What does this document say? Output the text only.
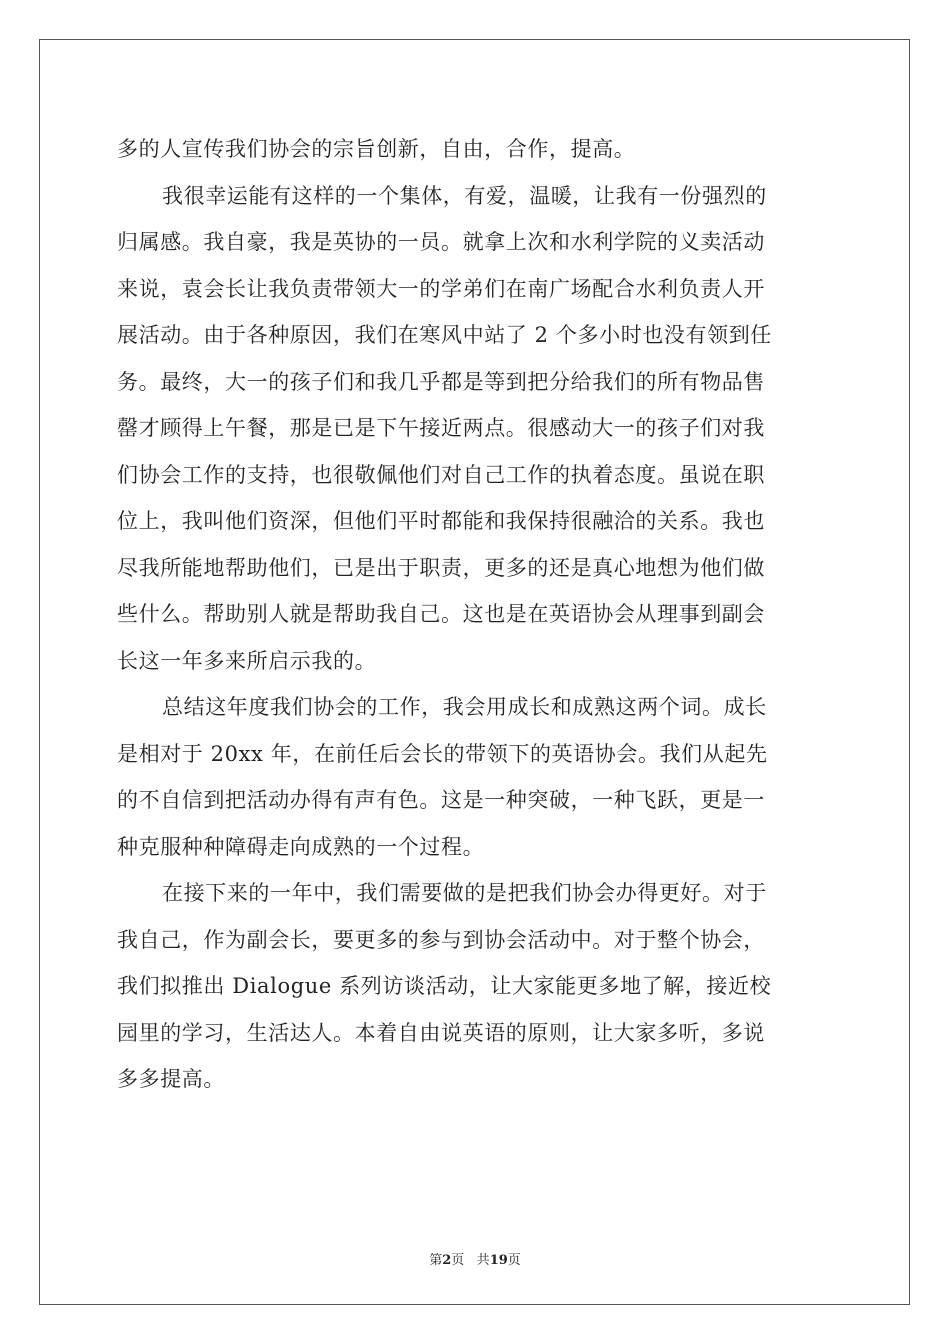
多的人宣传我们协会的宗旨创新，自由，合作，提高。
我很幸运能有这样的一个集体，有爱，温暖，让我有一份强烈的
归属感。我自豪，我是英协的一员。就拿上次和水利学院的义卖活动
来说，袁会长让我负责带领大一的学弟们在南广场配合水利负责人开
展活动。由于各种原因，我们在寒风中站了 2 个多小时也没有领到任
务。最终，大一的孩子们和我几乎都是等到把分给我们的所有物品售
罄才顾得上午餐，那是已是下午接近两点。很感动大一的孩子们对我
们协会工作的支持，也很敬佩他们对自己工作的执着态度。虽说在职
位上，我叫他们资深，但他们平时都能和我保持很融洽的关系。我也
尽我所能地帮助他们，已是出于职责，更多的还是真心地想为他们做
些什么。帮助别人就是帮助我自己。这也是在英语协会从理事到副会
长这一年多来所启示我的。
总结这年度我们协会的工作，我会用成长和成熟这两个词。成长
是相对于 20xx 年，在前任后会长的带领下的英语协会。我们从起先
的不自信到把活动办得有声有色。这是一种突破，一种飞跃，更是一
种克服种种障碍走向成熟的一个过程。
在接下来的一年中，我们需要做的是把我们协会办得更好。对于
我自己，作为副会长，要更多的参与到协会活动中。对于整个协会，
我们拟推出 Dialogue 系列访谈活动，让大家能更多地了解，接近校
园里的学习，生活达人。本着自由说英语的原则，让大家多听，多说
多多提高。
第2页 共19页
